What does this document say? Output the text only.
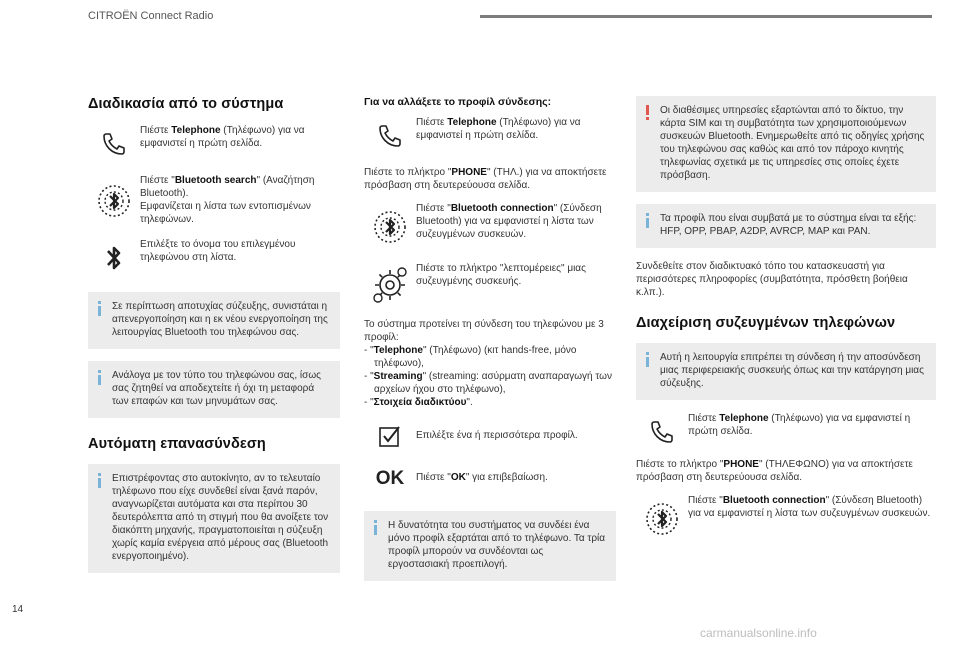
CITROËN Connect Radio
Διαδικασία από το σύστημα
Πιέστε Telephone (Τηλέφωνο) για να εμφανιστεί η πρώτη σελίδα.
Πιέστε "Bluetooth search" (Αναζήτηση Bluetooth).
Εμφανίζεται η λίστα των εντοπισμένων τηλεφώνων.
Επιλέξτε το όνομα του επιλεγμένου τηλεφώνου στη λίστα.
Σε περίπτωση αποτυχίας σύζευξης, συνιστάται η απενεργοποίηση και η εκ νέου ενεργοποίηση της λειτουργίας Bluetooth του τηλεφώνου σας.
Ανάλογα με τον τύπο του τηλεφώνου σας, ίσως σας ζητηθεί να αποδεχτείτε ή όχι τη μεταφορά των επαφών και των μηνυμάτων σας.
Αυτόματη επανασύνδεση
Επιστρέφοντας στο αυτοκίνητο, αν το τελευταίο τηλέφωνο που είχε συνδεθεί είναι ξανά παρόν, αναγνωρίζεται αυτόματα και στα περίπου 30 δευτερόλεπτα από τη στιγμή που θα ανοίξετε τον διακόπτη μηχανής, πραγματοποιείται η σύζευξη χωρίς καμία ενέργεια από μέρους σας (Bluetooth ενεργοποιημένο).
Για να αλλάξετε το προφίλ σύνδεσης:
Πιέστε Telephone (Τηλέφωνο) για να εμφανιστεί η πρώτη σελίδα.
Πιέστε το πλήκτρο "PHONE" (ΤΗΛ.) για να αποκτήσετε πρόσβαση στη δευτερεύουσα σελίδα.
Πιέστε "Bluetooth connection" (Σύνδεση Bluetooth) για να εμφανιστεί η λίστα των συζευγμένων συσκευών.
Πιέστε το πλήκτρο "λεπτομέρειες" μιας συζευγμένης συσκευής.
Το σύστημα προτείνει τη σύνδεση του τηλεφώνου με 3 προφίλ:
- "Telephone" (Τηλέφωνο) (κιτ hands-free, μόνο τηλέφωνο),
- "Streaming" (streaming: ασύρματη αναπαραγωγή των αρχείων ήχου στο τηλέφωνο),
- "Στοιχεία διαδικτύου".
Επιλέξτε ένα ή περισσότερα προφίλ.
OK Πιέστε "OK" για επιβεβαίωση.
Η δυνατότητα του συστήματος να συνδέει ένα μόνο προφίλ εξαρτάται από το τηλέφωνο. Τα τρία προφίλ μπορούν να συνδέονται ως εργοστασιακή προεπιλογή.
Οι διαθέσιμες υπηρεσίες εξαρτώνται από το δίκτυο, την κάρτα SIM και τη συμβατότητα των χρησιμοποιούμενων συσκευών Bluetooth. Ενημερωθείτε από τις οδηγίες χρήσης του τηλεφώνου σας καθώς και από τον πάροχο κινητής τηλεφωνίας σχετικά με τις υπηρεσίες στις οποίες έχετε πρόσβαση.
Τα προφίλ που είναι συμβατά με το σύστημα είναι τα εξής: HFP, OPP, PBAP, A2DP, AVRCP, MAP και PAN.
Συνδεθείτε στον διαδικτυακό τόπο του κατασκευαστή για περισσότερες πληροφορίες (συμβατότητα, πρόσθετη βοήθεια κ.λπ.).
Διαχείριση συζευγμένων τηλεφώνων
Αυτή η λειτουργία επιτρέπει τη σύνδεση ή την αποσύνδεση μιας περιφερειακής συσκευής όπως και την κατάργηση μιας σύζευξης.
Πιέστε Telephone (Τηλέφωνο) για να εμφανιστεί η πρώτη σελίδα.
Πιέστε το πλήκτρο "PHONE" (ΤΗΛΕΦΩΝΟ) για να αποκτήσετε πρόσβαση στη δευτερεύουσα σελίδα.
Πιέστε "Bluetooth connection" (Σύνδεση Bluetooth) για να εμφανιστεί η λίστα των συζευγμένων συσκευών.
14
carmanualsonline.info
